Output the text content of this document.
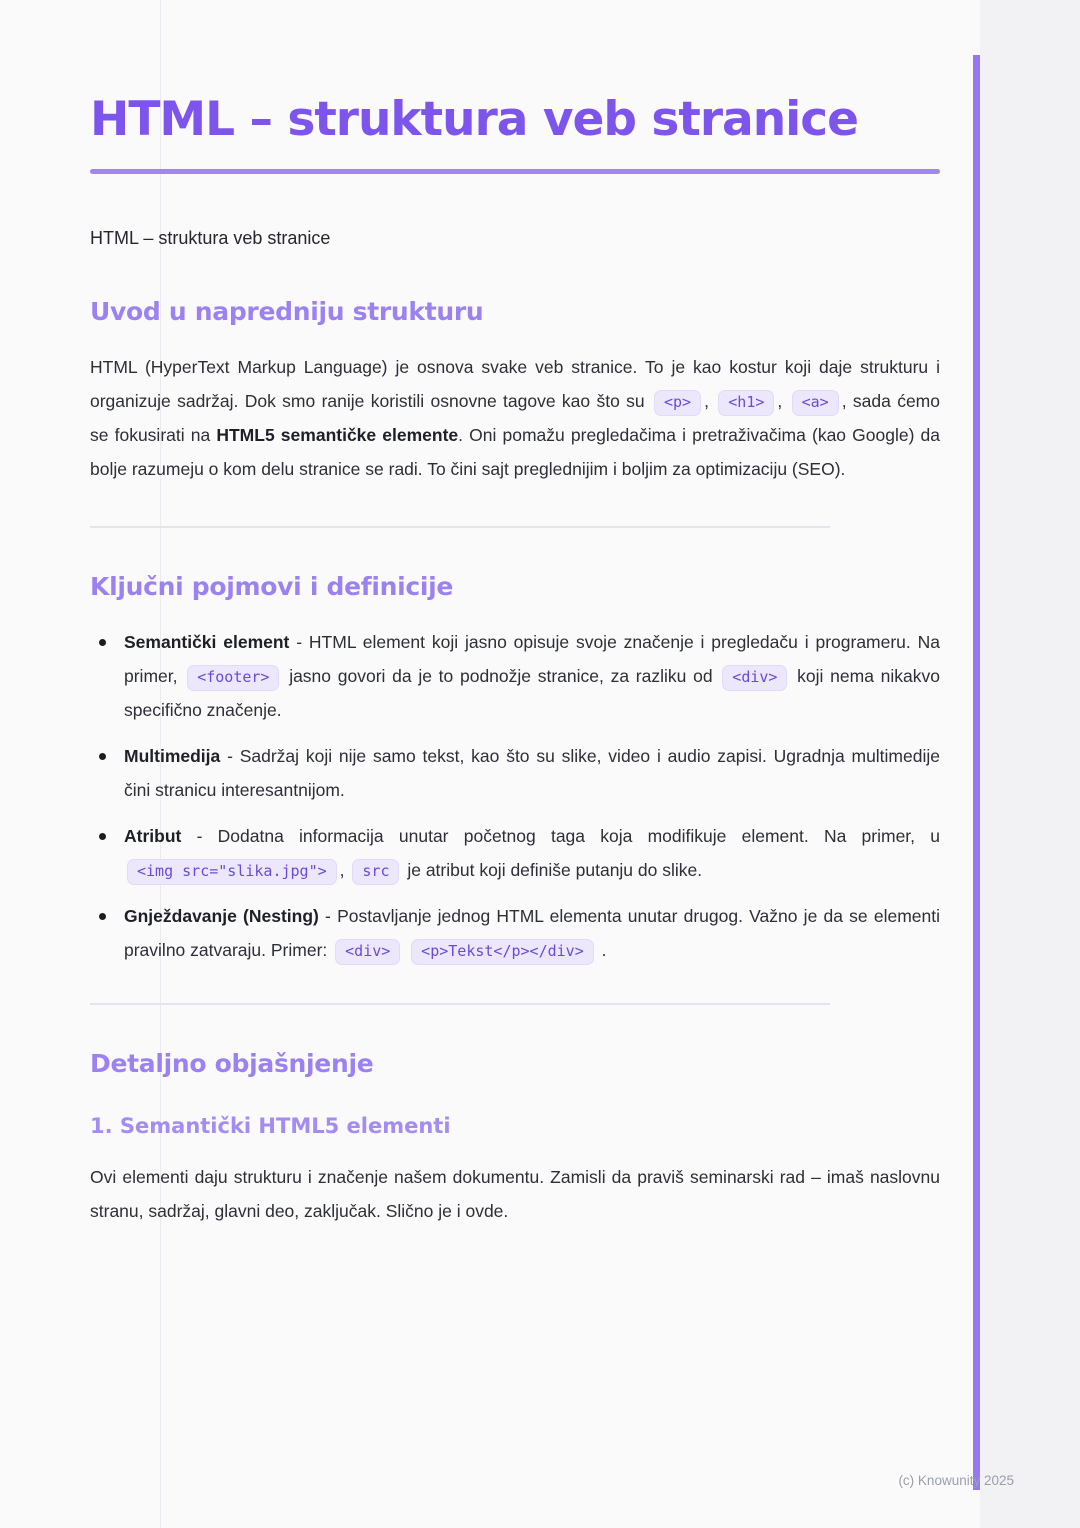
HTML – struktura veb stranice

HTML – struktura veb stranice

Uvod u napredniju strukturu

HTML (HyperText Markup Language) je osnova svake veb stranice. To je kao kostur koji daje strukturu i organizuje sadržaj. Dok smo ranije koristili osnovne tagove kao što su <p> , <h1> , <a> , sada ćemo se fokusirati na HTML5 semantičke elemente. Oni pomažu pregledačima i pretraživačima (kao Google) da bolje razumeju o kom delu stranice se radi. To čini sajt preglednijim i boljim za optimizaciju (SEO).

Ključni pojmovi i definicije
Semantički element - HTML element koji jasno opisuje svoje značenje i pregledaču i programeru. Na primer, <footer> jasno govori da je to podnožje stranice, za razliku od <div> koji nema nikakvo specifično značenje.
Multimedija - Sadržaj koji nije samo tekst, kao što su slike, video i audio zapisi. Ugradnja multimedije čini stranicu interesantnijom.
Atribut - Dodatna informacija unutar početnog taga koja modifikuje element. Na primer, u <img src="slika.jpg"> , src je atribut koji definiše putanju do slike.
Gnježdavanje (Nesting) - Postavljanje jednog HTML elementa unutar drugog. Važno je da se elementi pravilno zatvaraju. Primer: <div> <p>Tekst</p></div> .
Detaljno objašnjenje
1. Semantički HTML5 elementi

Ovi elementi daju strukturu i značenje našem dokumentu. Zamisli da praviš seminarski rad – imaš naslovnu stranu, sadržaj, glavni deo, zaključak. Slično je i ovde.

(c) Knowunity 2025
